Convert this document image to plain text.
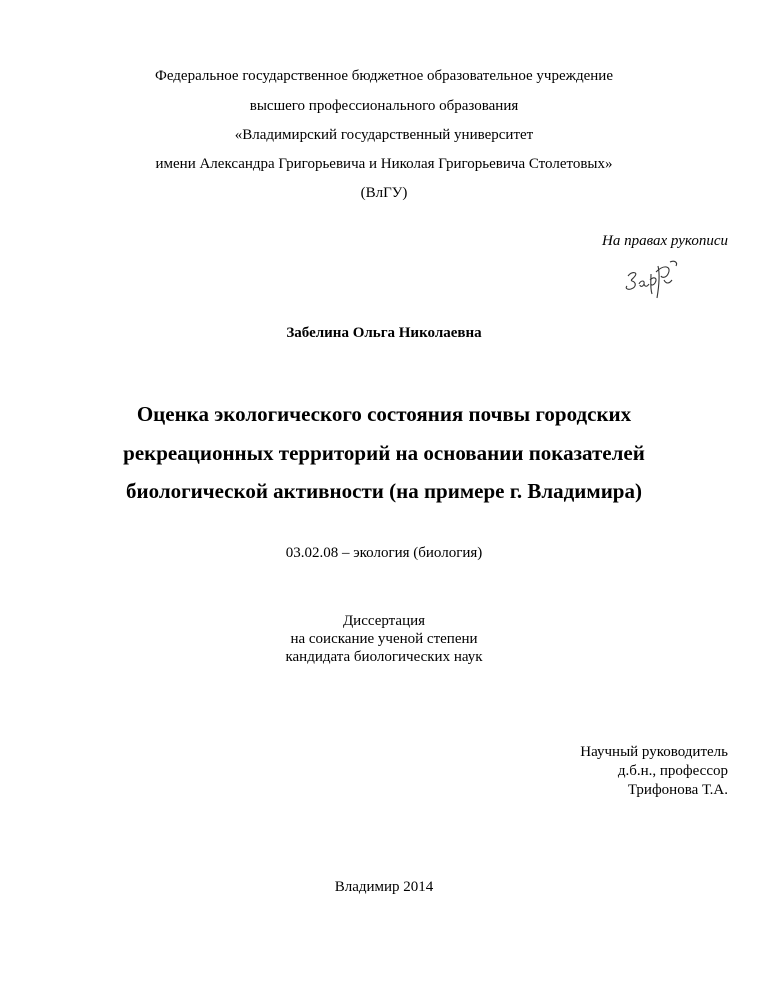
Федеральное государственное бюджетное образовательное учреждение
высшего профессионального образования
«Владимирский государственный университет
имени Александра Григорьевича и Николая Григорьевича Столетовых»
(ВлГУ)
На правах рукописи
Забелина Ольга Николаевна
Оценка экологического состояния почвы городских
рекреационных территорий на основании показателей
биологической активности (на примере г. Владимира)
03.02.08 – экология (биология)
Диссертация
на соискание ученой степени
кандидата биологических наук
Научный руководитель
д.б.н., профессор
Трифонова Т.А.
Владимир 2014
